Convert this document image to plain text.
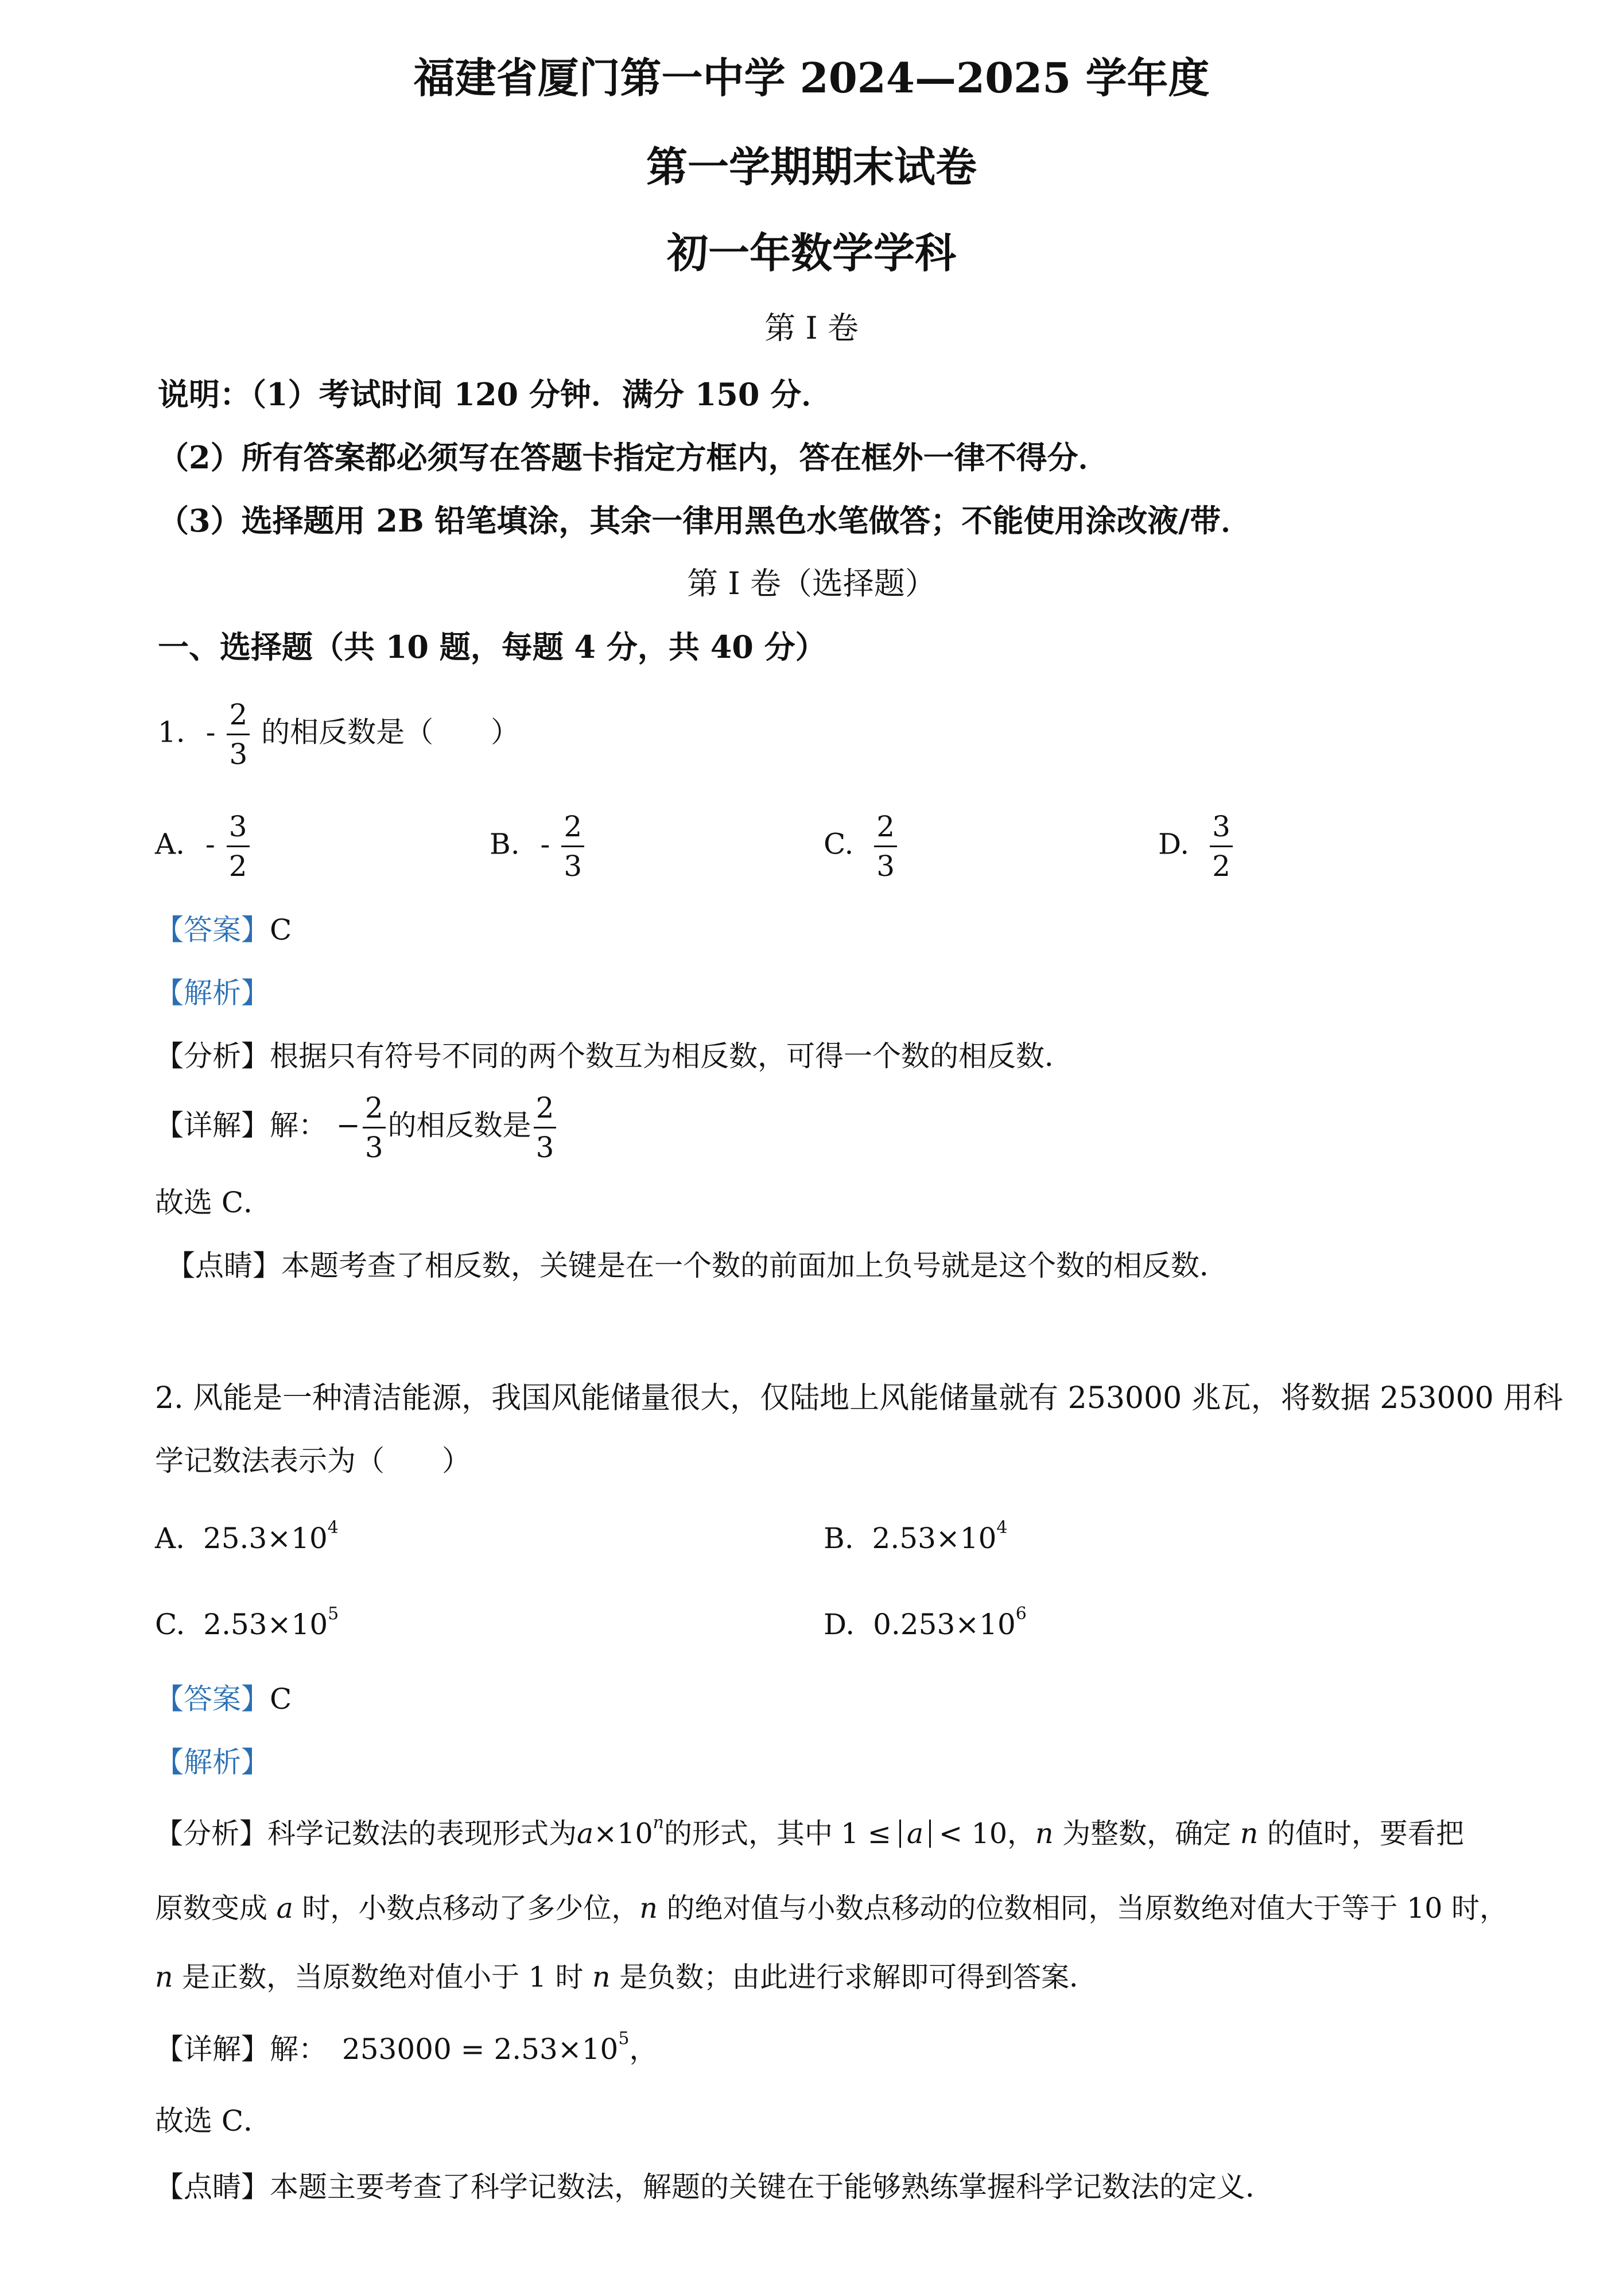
福建省厦门第一中学 2024—2025 学年度
第一学期期末试卷
初一年数学学科
第 I 卷
说明：（1）考试时间 120 分钟．满分 150 分．
（2）所有答案都必须写在答题卡指定方框内，答在框外一律不得分．
（3）选择题用 2B 铅笔填涂，其余一律用黑色水笔做答；不能使用涂改液/带．
第 I 卷（选择题）
一、选择题（共 10 题，每题 4 分，共 40 分）
1. - $\frac{2}{3}$ 的相反数是（　　）
A. - $\frac{3}{2}$	B. - $\frac{2}{3}$	C. $\frac{2}{3}$	D. $\frac{3}{2}$
【答案】C
【解析】
【分析】根据只有符号不同的两个数互为相反数，可得一个数的相反数．
【详解】解： − $\frac{2}{3}$ 的相反数是 $\frac{2}{3}$
故选 C．
【点睛】本题考查了相反数，关键是在一个数的前面加上负号就是这个数的相反数．
2. 风能是一种清洁能源，我国风能储量很大，仅陆地上风能储量就有 253000 兆瓦，将数据 253000 用科
学记数法表示为（　　）
A. $25.3\times 10^4$	B. $2.53\times 10^4$
C. $2.53\times 10^5$	D. $0.253\times 10^6$
【答案】C
【解析】
【分析】科学记数法的表现形式为$a\times 10^n$的形式，其中 1 ≤ a < 10，n 为整数，确定 n 的值时，要看把
原数变成 a 时，小数点移动了多少位，n 的绝对值与小数点移动的位数相同，当原数绝对值大于等于 10 时，
n 是正数，当原数绝对值小于 1 时 n 是负数；由此进行求解即可得到答案．
【详解】解： $253000 = 2.53\times 10^5$，
故选 C．
【点睛】本题主要考查了科学记数法，解题的关键在于能够熟练掌握科学记数法的定义．
